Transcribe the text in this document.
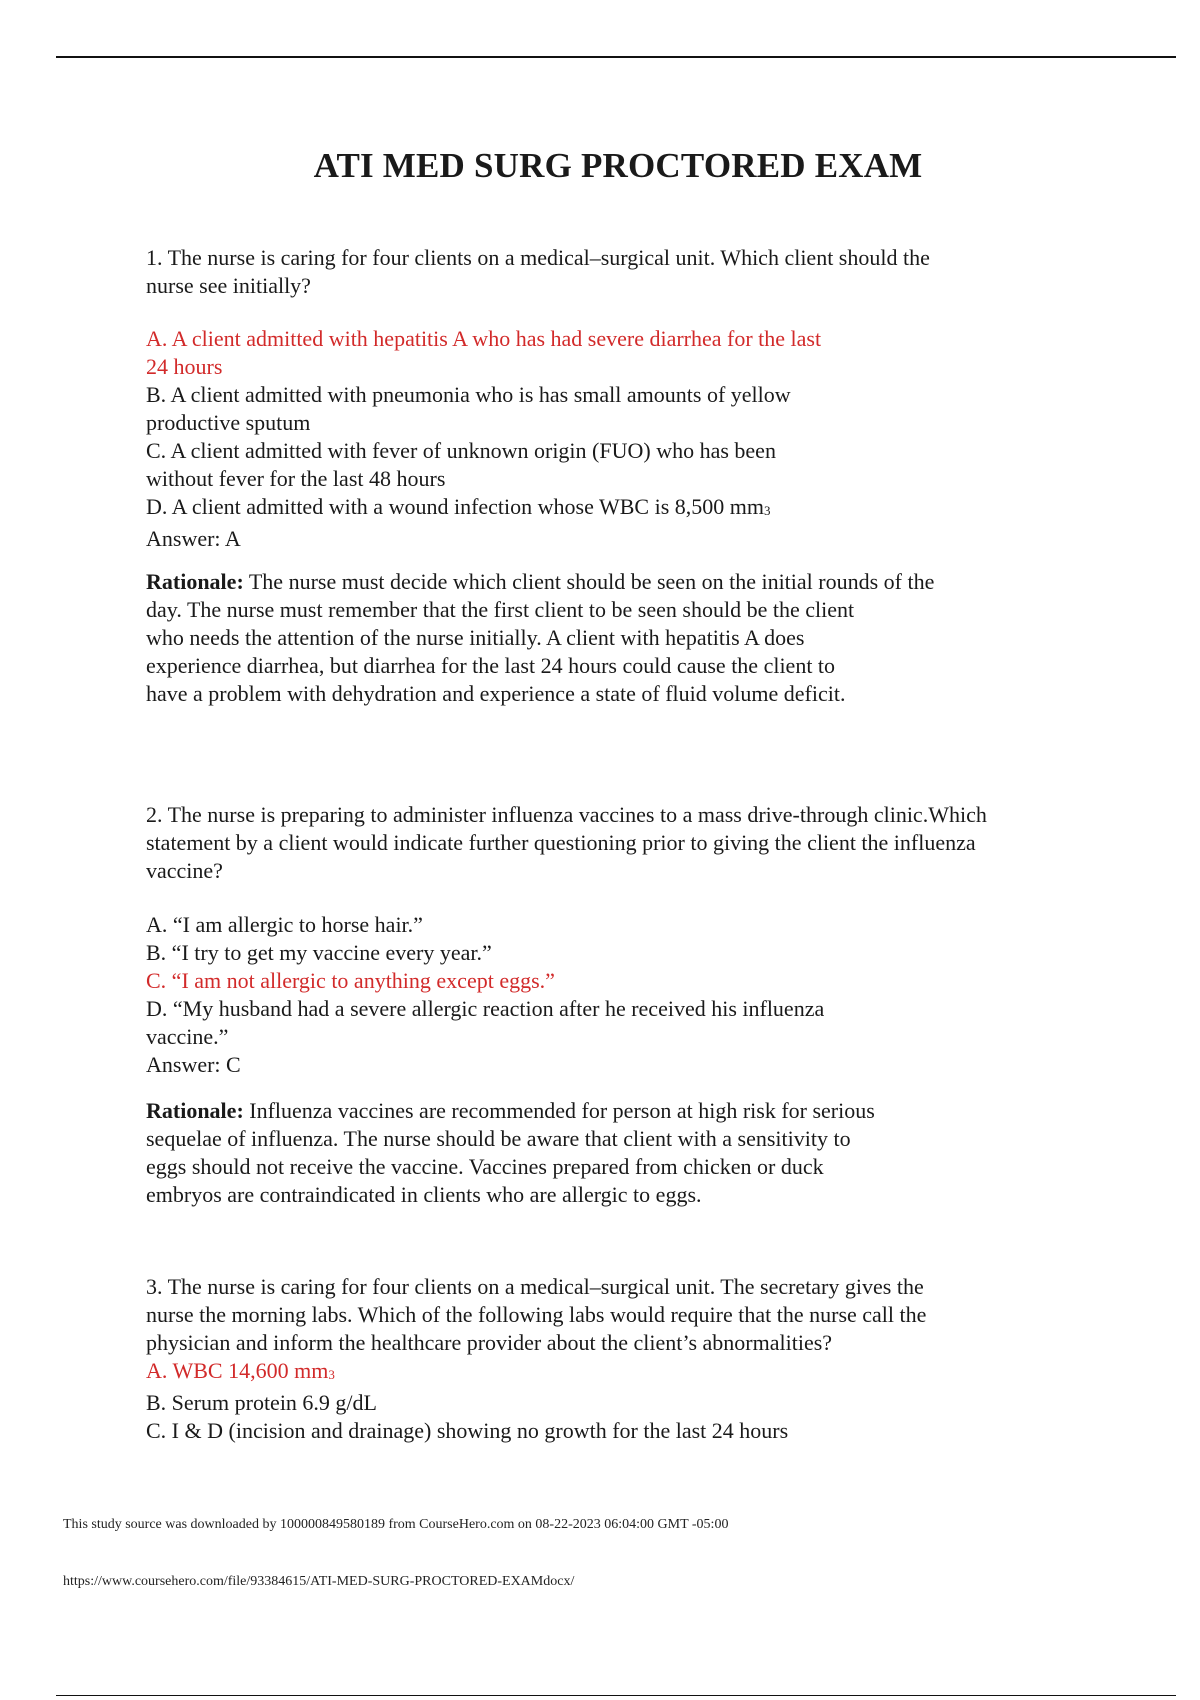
ATI MED SURG PROCTORED EXAM
1. The nurse is caring for four clients on a medical–surgical unit. Which client should the
nurse see initially?
A. A client admitted with hepatitis A who has had severe diarrhea for the last
24 hours
B. A client admitted with pneumonia who is has small amounts of yellow
productive sputum
C. A client admitted with fever of unknown origin (FUO) who has been
without fever for the last 48 hours
D. A client admitted with a wound infection whose WBC is 8,500 mm3
Answer: A
Rationale: The nurse must decide which client should be seen on the initial rounds of the
day. The nurse must remember that the first client to be seen should be the client
who needs the attention of the nurse initially. A client with hepatitis A does
experience diarrhea, but diarrhea for the last 24 hours could cause the client to
have a problem with dehydration and experience a state of fluid volume deficit.
2. The nurse is preparing to administer influenza vaccines to a mass drive-through clinic.Which
statement by a client would indicate further questioning prior to giving the client the influenza
vaccine?
A. “I am allergic to horse hair.”
B. “I try to get my vaccine every year.”
C. “I am not allergic to anything except eggs.”
D. “My husband had a severe allergic reaction after he received his influenza
vaccine.”
Answer: C
Rationale: Influenza vaccines are recommended for person at high risk for serious
sequelae of influenza. The nurse should be aware that client with a sensitivity to
eggs should not receive the vaccine. Vaccines prepared from chicken or duck
embryos are contraindicated in clients who are allergic to eggs.
3. The nurse is caring for four clients on a medical–surgical unit. The secretary gives the
nurse the morning labs. Which of the following labs would require that the nurse call the
physician and inform the healthcare provider about the client’s abnormalities?
A. WBC 14,600 mm3
B. Serum protein 6.9 g/dL
C. I & D (incision and drainage) showing no growth for the last 24 hours
This study source was downloaded by 100000849580189 from CourseHero.com on 08-22-2023 06:04:00 GMT -05:00
https://www.coursehero.com/file/93384615/ATI-MED-SURG-PROCTORED-EXAMdocx/
